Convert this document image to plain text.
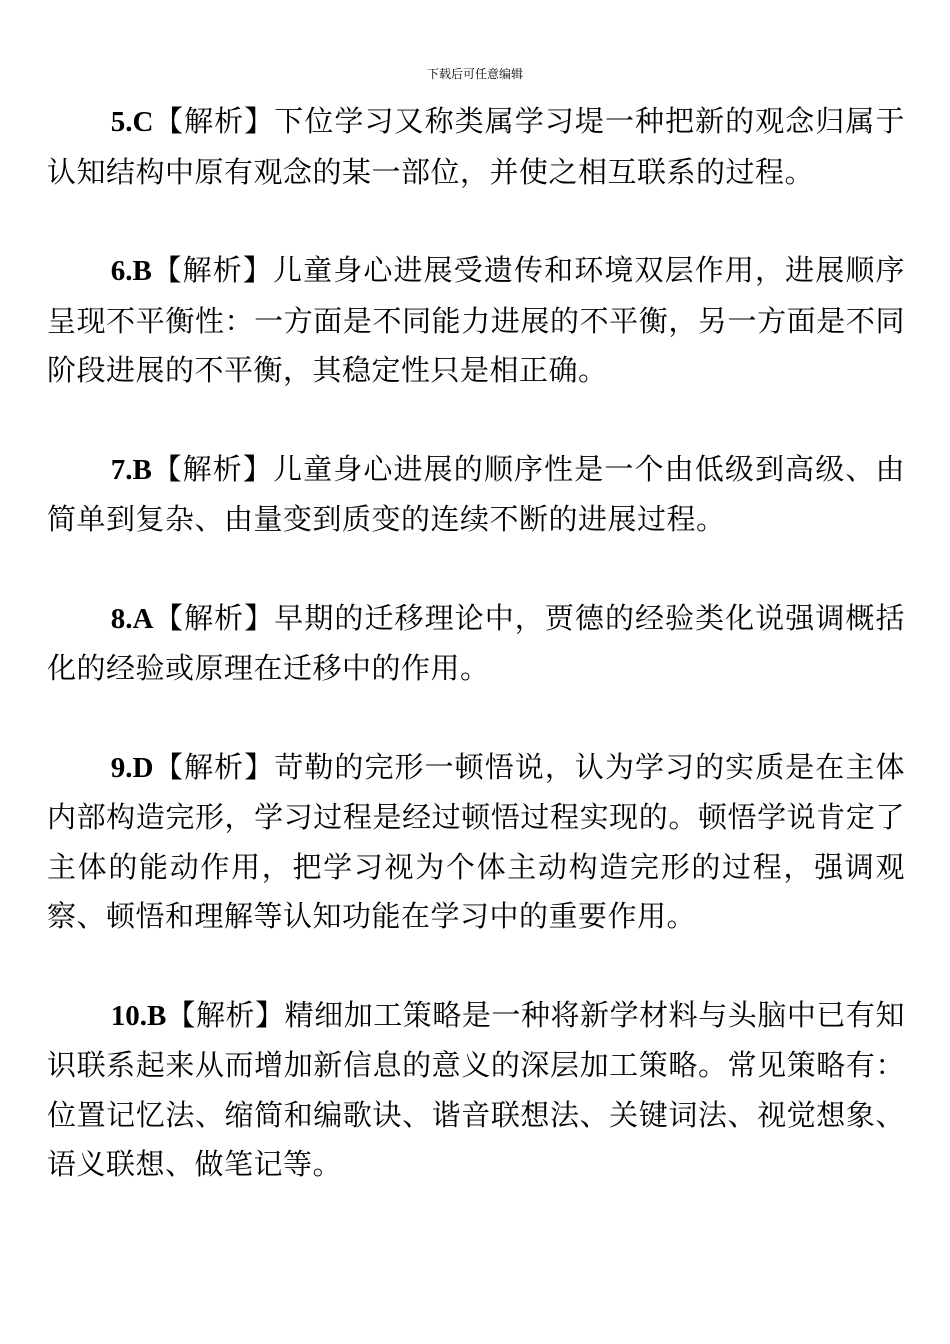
下载后可任意编辑

5.C【解析】下位学习又称类属学习堤一种把新的观念归属于认知结构中原有观念的某一部位，并使之相互联系的过程。

6.B【解析】儿童身心进展受遗传和环境双层作用，进展顺序呈现不平衡性：一方面是不同能力进展的不平衡，另一方面是不同阶段进展的不平衡，其稳定性只是相正确。

7.B【解析】儿童身心进展的顺序性是一个由低级到高级、由简单到复杂、由量变到质变的连续不断的进展过程。

8.A【解析】早期的迁移理论中，贾德的经验类化说强调概括化的经验或原理在迁移中的作用。

9.D【解析】苛勒的完形一顿悟说，认为学习的实质是在主体内部构造完形，学习过程是经过顿悟过程实现的。顿悟学说肯定了主体的能动作用，把学习视为个体主动构造完形的过程，强调观察、顿悟和理解等认知功能在学习中的重要作用。

10.B【解析】精细加工策略是一种将新学材料与头脑中已有知识联系起来从而增加新信息的意义的深层加工策略。常见策略有：位置记忆法、缩简和编歌诀、谐音联想法、关键词法、视觉想象、语义联想、做笔记等。
